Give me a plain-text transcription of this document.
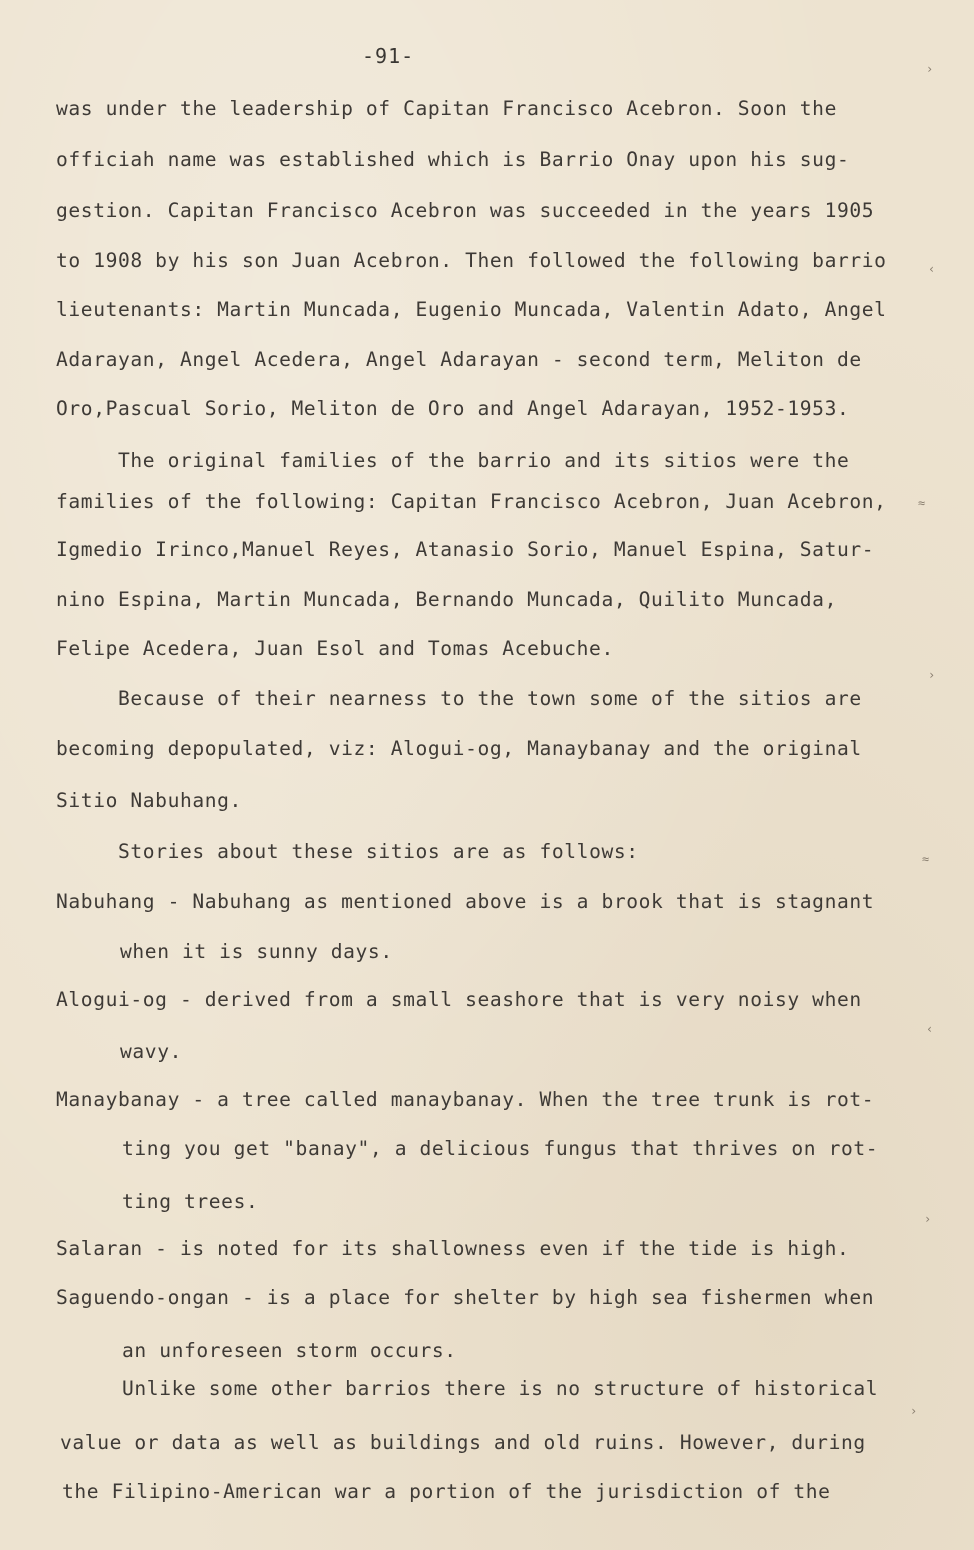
-91-
was under the leadership of Capitan Francisco Acebron. Soon the
officiah name was established which is Barrio Onay upon his sug-
gestion. Capitan Francisco Acebron was succeeded in the years 1905
to 1908 by his son Juan Acebron. Then followed the following barrio
lieutenants: Martin Muncada, Eugenio Muncada, Valentin Adato, Angel
Adarayan, Angel Acedera, Angel Adarayan - second term, Meliton de
Oro,Pascual Sorio, Meliton de Oro and Angel Adarayan, 1952-1953.
The original families of the barrio and its sitios were the
families of the following: Capitan Francisco Acebron, Juan Acebron,
Igmedio Irinco,Manuel Reyes, Atanasio Sorio, Manuel Espina, Satur-
nino Espina, Martin Muncada, Bernando Muncada, Quilito Muncada,
Felipe Acedera, Juan Esol and Tomas Acebuche.
Because of their nearness to the town some of the sitios are
becoming depopulated, viz: Alogui-og, Manaybanay and the original
Sitio Nabuhang.
Stories about these sitios are as follows:
Nabuhang - Nabuhang as mentioned above is a brook that is stagnant
when it is sunny days.
Alogui-og - derived from a small seashore that is very noisy when
wavy.
Manaybanay - a tree called manaybanay. When the tree trunk is rot-
ting you get "banay", a delicious fungus that thrives on rot-
ting trees.
Salaran - is noted for its shallowness even if the tide is high.
Saguendo-ongan - is a place for shelter by high sea fishermen when
an unforeseen storm occurs.
Unlike some other barrios there is no structure of historical
value or data as well as buildings and old ruins. However, during
the Filipino-American war a portion of the jurisdiction of the
›
‹
≈
›
≈
‹
›
›
